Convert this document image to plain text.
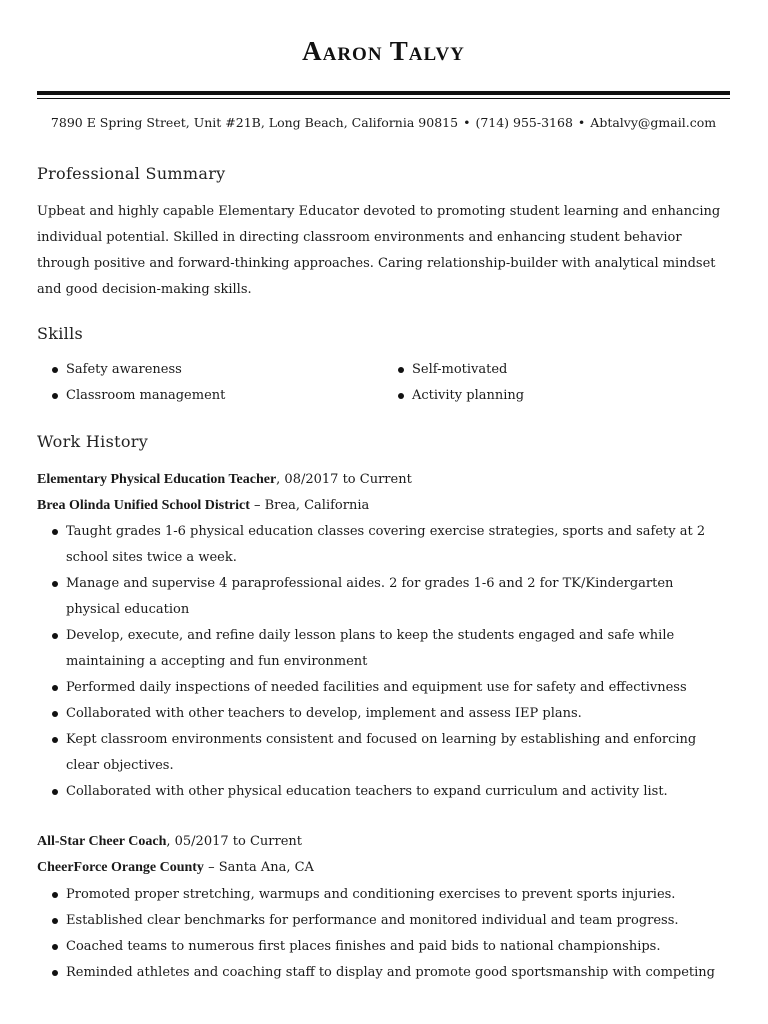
Aaron Talvy
7890 E Spring Street, Unit #21B, Long Beach, California 90815 • (714) 955-3168 • Abtalvy@gmail.com
Professional Summary
Upbeat and highly capable Elementary Educator devoted to promoting student learning and enhancing individual potential. Skilled in directing classroom environments and enhancing student behavior through positive and forward-thinking approaches. Caring relationship-builder with analytical mindset and good decision-making skills.
Skills
Safety awareness	Self-motivated
Classroom management	Activity planning
Work History
Elementary Physical Education Teacher, 08/2017 to Current
Brea Olinda Unified School District – Brea, California
Taught grades 1-6 physical education classes covering exercise strategies, sports and safety at 2 school sites twice a week.
Manage and supervise 4 paraprofessional aides. 2 for grades 1-6 and 2 for TK/Kindergarten physical education
Develop, execute, and refine daily lesson plans to keep the students engaged and safe while maintaining a accepting and fun environment
Performed daily inspections of needed facilities and equipment use for safety and effectivness
Collaborated with other teachers to develop, implement and assess IEP plans.
Kept classroom environments consistent and focused on learning by establishing and enforcing clear objectives.
Collaborated with other physical education teachers to expand curriculum and activity list.
All-Star Cheer Coach, 05/2017 to Current
CheerForce Orange County – Santa Ana, CA
Promoted proper stretching, warmups and conditioning exercises to prevent sports injuries.
Established clear benchmarks for performance and monitored individual and team progress.
Coached teams to numerous first places finishes and paid bids to national championships.
Reminded athletes and coaching staff to display and promote good sportsmanship with competing
